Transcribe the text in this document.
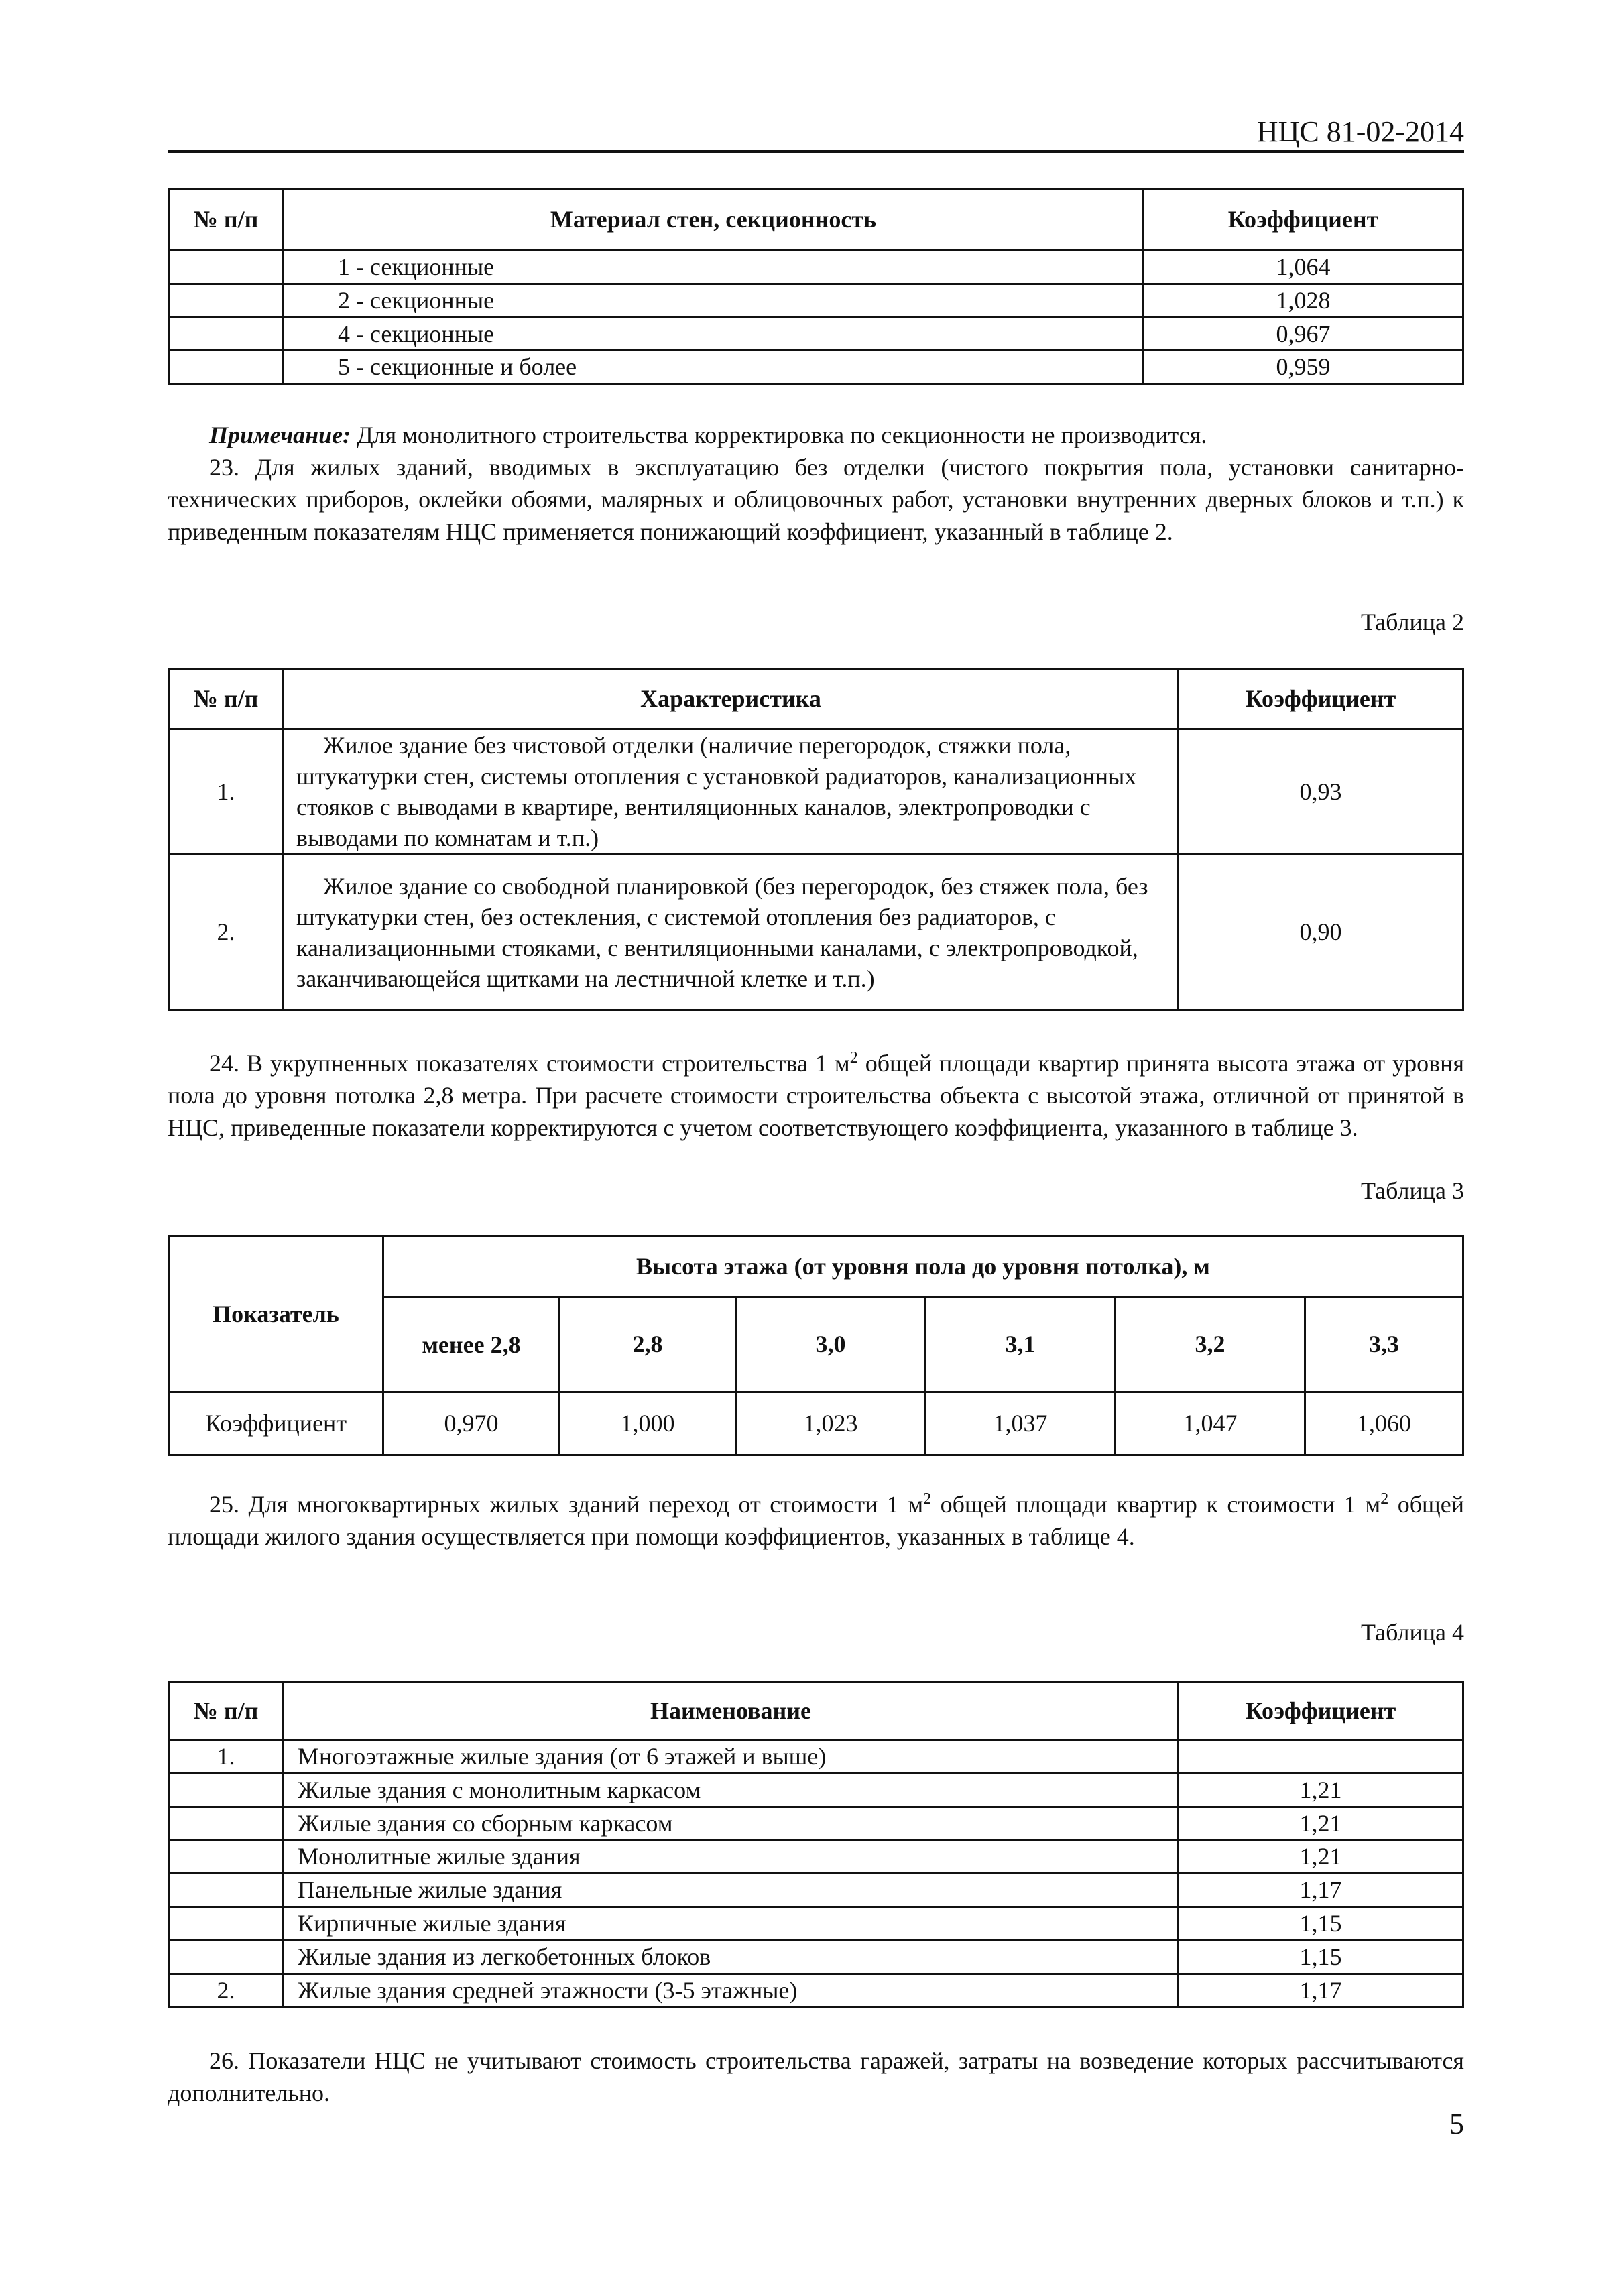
НЦС 81-02-2014
№ п/п	Материал стен, секционность	Коэффициент
	1 - секционные	1,064
	2 - секционные	1,028
	4 - секционные	0,967
	5 - секционные и более	0,959
Примечание: Для монолитного строительства корректировка по секционности не производится.
23. Для жилых зданий, вводимых в эксплуатацию без отделки (чистого покрытия пола, установки санитарно-технических приборов, оклейки обоями, малярных и облицовочных работ, установки внутренних дверных блоков и т.п.) к приведенным показателям НЦС применяется понижающий коэффициент, указанный в таблице 2.
Таблица 2
№ п/п	Характеристика	Коэффициент
1.	Жилое здание без чистовой отделки (наличие перегородок, стяжки пола, штукатурки стен, системы отопления с установкой радиаторов, канализационных стояков с выводами в квартире, вентиляционных каналов, электропроводки с выводами по комнатам и т.п.)	0,93
2.	Жилое здание со свободной планировкой (без перегородок, без стяжек пола, без штукатурки стен, без остекления, с системой отопления без радиаторов, с канализационными стояками, с вентиляционными каналами, с электропроводкой, заканчивающейся щитками на лестничной клетке и т.п.)	0,90
24. В укрупненных показателях стоимости строительства 1 $м^2$ общей площади квартир принята высота этажа от уровня пола до уровня потолка 2,8 метра. При расчете стоимости строительства объекта с высотой этажа, отличной от принятой в НЦС, приведенные показатели корректируются с учетом соответствующего коэффициента, указанного в таблице 3.
Таблица 3
Показатель	Высота этажа (от уровня пола до уровня потолка), м					
	менее 2,8	2,8	3,0	3,1	3,2	3,3
Коэффициент	0,970	1,000	1,023	1,037	1,047	1,060
25. Для многоквартирных жилых зданий переход от стоимости 1 $м^2$ общей площади квартир к стоимости 1 $м^2$ общей площади жилого здания осуществляется при помощи коэффициентов, указанных в таблице 4.
Таблица 4
№ п/п	Наименование	Коэффициент
1.	Многоэтажные жилые здания (от 6 этажей и выше)	
	Жилые здания с монолитным каркасом	1,21
	Жилые здания со сборным каркасом	1,21
	Монолитные жилые здания	1,21
	Панельные жилые здания	1,17
	Кирпичные жилые здания	1,15
	Жилые здания из легкобетонных блоков	1,15
2.	Жилые здания средней этажности (3-5 этажные)	1,17
26. Показатели НЦС не учитывают стоимость строительства гаражей, затраты на возведение которых рассчитываются дополнительно.
5
